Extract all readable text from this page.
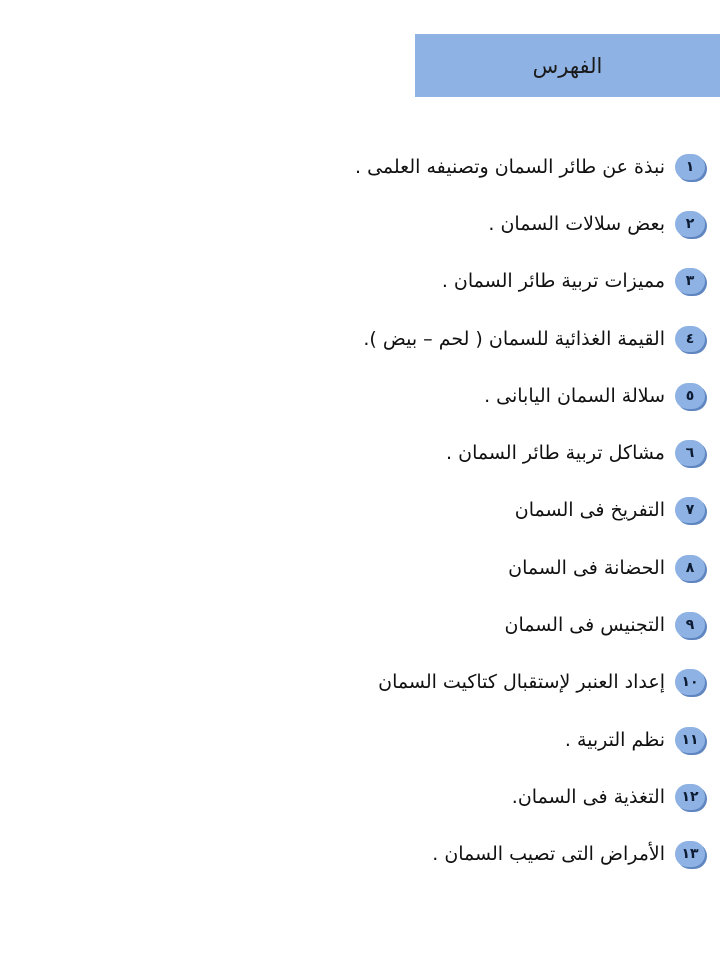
الفهرس
١
نبذة عن طائر السمان وتصنيفه العلمى .
٢
بعض سلالات السمان .
٣
مميزات تربية طائر السمان .
٤
القيمة الغذائية للسمان ( لحم – بيض ).
٥
سلالة السمان اليابانى .
٦
مشاكل تربية طائر السمان .
٧
التفريخ فى السمان
٨
الحضانة فى السمان
٩
التجنيس فى السمان
١٠
إعداد العنبر لإستقبال كتاكيت السمان
١١
نظم التربية .
١٢
التغذية فى السمان.
١٣
الأمراض التى تصيب السمان .
